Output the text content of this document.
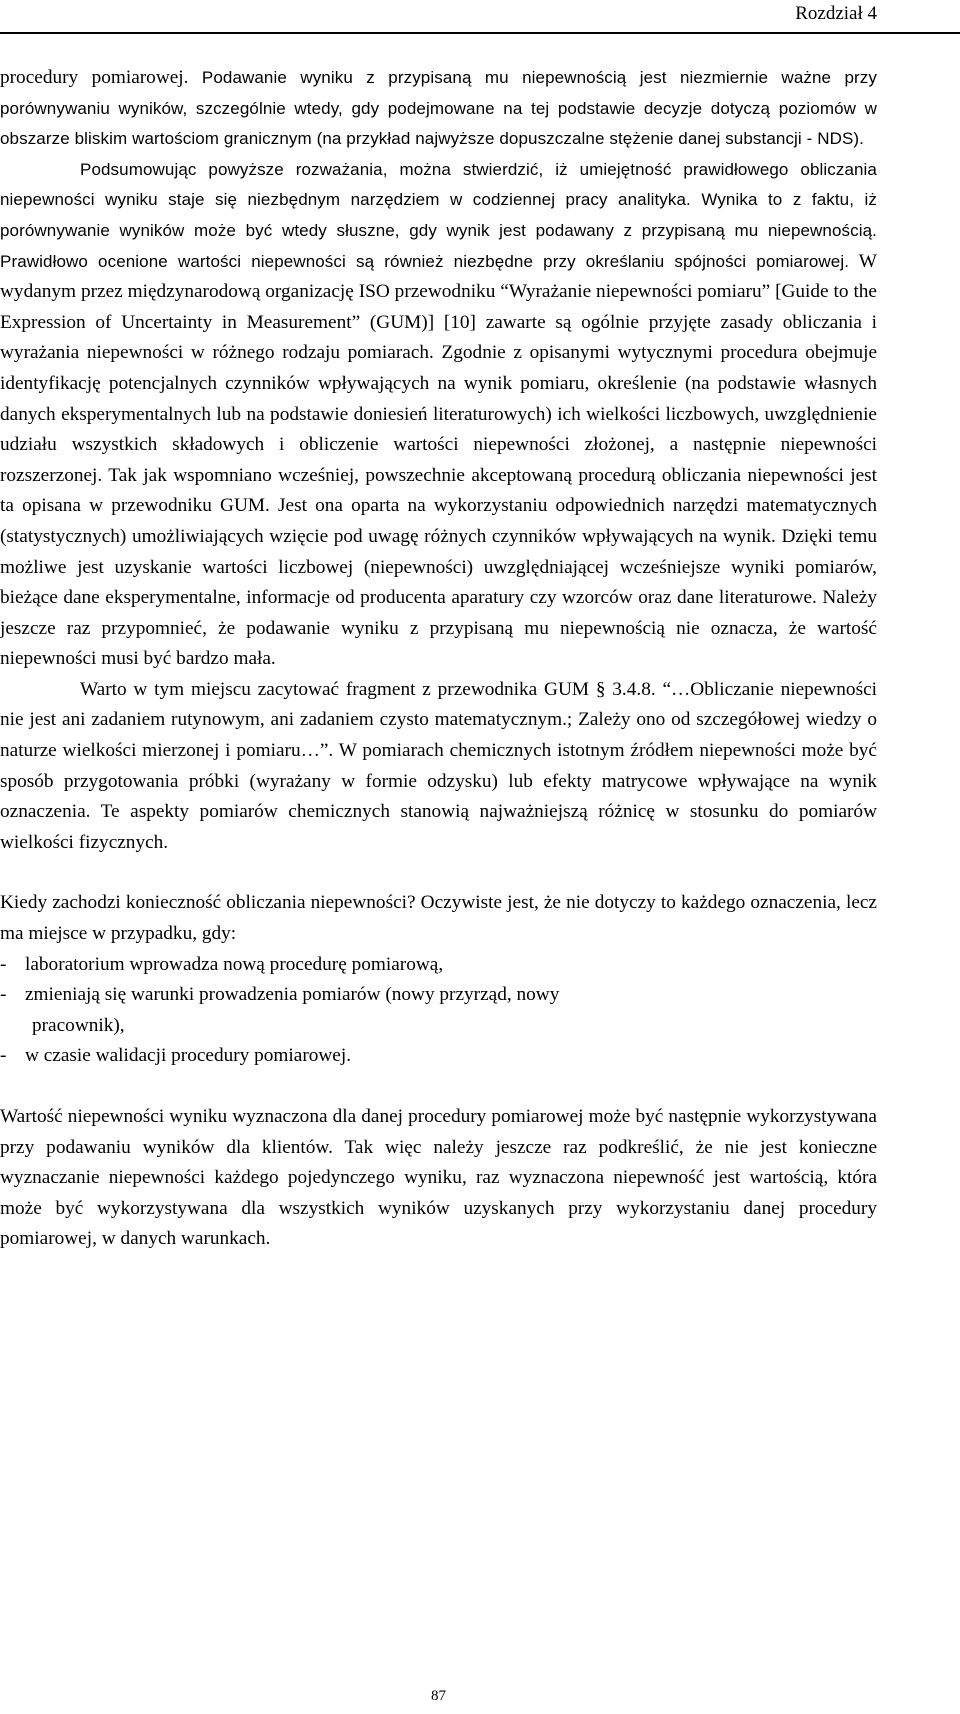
Rozdział 4

procedury pomiarowej. Podawanie wyniku z przypisaną mu niepewnością jest niezmiernie ważne przy porównywaniu wyników, szczególnie wtedy, gdy podejmowane na tej podstawie decyzje dotyczą poziomów w obszarze bliskim wartościom granicznym (na przykład najwyższe dopuszczalne stężenie danej substancji - NDS).

Podsumowując powyższe rozważania, można stwierdzić, iż umiejętność prawidłowego obliczania niepewności wyniku staje się niezbędnym narzędziem w codziennej pracy analityka. Wynika to z faktu, iż porównywanie wyników może być wtedy słuszne, gdy wynik jest podawany z przypisaną mu niepewnością. Prawidłowo ocenione wartości niepewności są również niezbędne przy określaniu spójności pomiarowej. W wydanym przez międzynarodową organizację ISO przewodniku “Wyrażanie niepewności pomiaru” [Guide to the Expression of Uncertainty in Measurement” (GUM)] [10] zawarte są ogólnie przyjęte zasady obliczania i wyrażania niepewności w różnego rodzaju pomiarach. Zgodnie z opisanymi wytycznymi procedura obejmuje identyfikację potencjalnych czynników wpływających na wynik pomiaru, określenie (na podstawie własnych danych eksperymentalnych lub na podstawie doniesień literaturowych) ich wielkości liczbowych, uwzględnienie udziału wszystkich składowych i obliczenie wartości niepewności złożonej, a następnie niepewności rozszerzonej. Tak jak wspomniano wcześniej, powszechnie akceptowaną procedurą obliczania niepewności jest ta opisana w przewodniku GUM. Jest ona oparta na wykorzystaniu odpowiednich narzędzi matematycznych (statystycznych) umożliwiających wzięcie pod uwagę różnych czynników wpływających na wynik. Dzięki temu możliwe jest uzyskanie wartości liczbowej (niepewności) uwzględniającej wcześniejsze wyniki pomiarów, bieżące dane eksperymentalne, informacje od producenta aparatury czy wzorców oraz dane literaturowe. Należy jeszcze raz przypomnieć, że podawanie wyniku z przypisaną mu niepewnością nie oznacza, że wartość niepewności musi być bardzo mała.

Warto w tym miejscu zacytować fragment z przewodnika GUM § 3.4.8. “…Obliczanie niepewności nie jest ani zadaniem rutynowym, ani zadaniem czysto matematycznym.; Zależy ono od szczegółowej wiedzy o naturze wielkości mierzonej i pomiaru…”. W pomiarach chemicznych istotnym źródłem niepewności może być sposób przygotowania próbki (wyrażany w formie odzysku) lub efekty matrycowe wpływające na wynik oznaczenia. Te aspekty pomiarów chemicznych stanowią najważniejszą różnicę w stosunku do pomiarów wielkości fizycznych.

Kiedy zachodzi konieczność obliczania niepewności? Oczywiste jest, że nie dotyczy to każdego oznaczenia, lecz ma miejsce w przypadku, gdy:

- laboratorium wprowadza nową procedurę pomiarową,

- zmieniają się warunki prowadzenia pomiarów (nowy przyrząd, nowy
pracownik),

- w czasie walidacji procedury pomiarowej.

Wartość niepewności wyniku wyznaczona dla danej procedury pomiarowej może być następnie wykorzystywana przy podawaniu wyników dla klientów. Tak więc należy jeszcze raz podkreślić, że nie jest konieczne wyznaczanie niepewności każdego pojedynczego wyniku, raz wyznaczona niepewność jest wartością, która może być wykorzystywana dla wszystkich wyników uzyskanych przy wykorzystaniu danej procedury pomiarowej, w danych warunkach.

87
